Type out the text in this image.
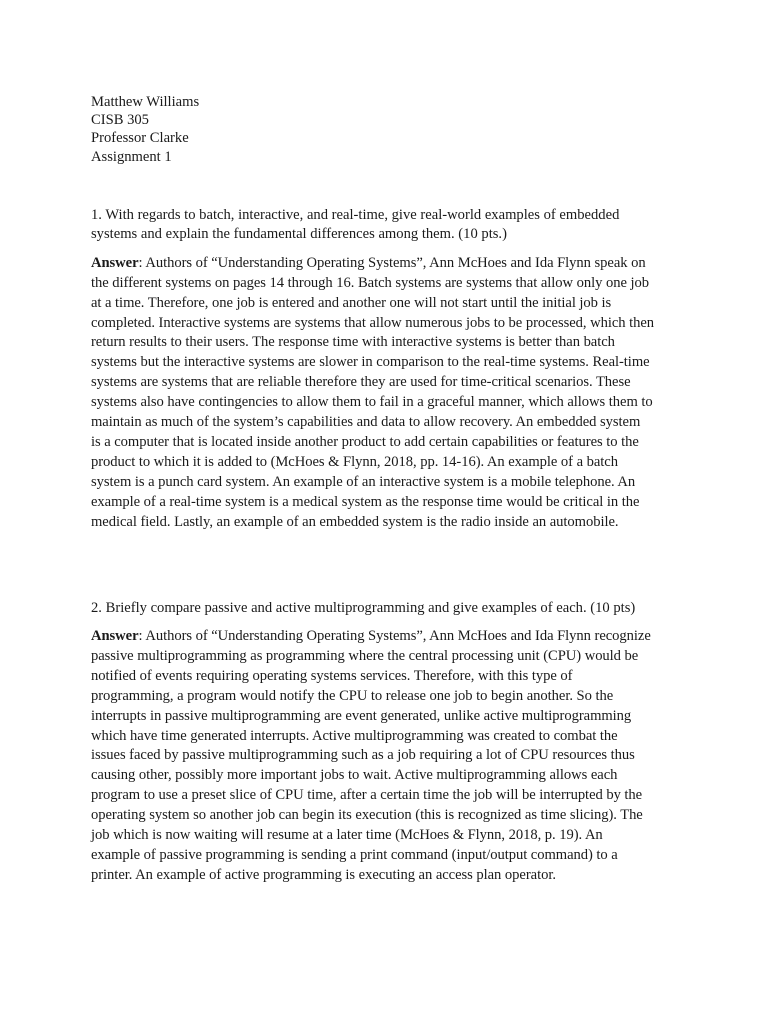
Matthew Williams
CISB 305
Professor Clarke
Assignment 1

1. With regards to batch, interactive, and real-time, give real-world examples of embedded
systems and explain the fundamental differences among them. (10 pts.)

Answer: Authors of “Understanding Operating Systems”, Ann McHoes and Ida Flynn speak on
the different systems on pages 14 through 16. Batch systems are systems that allow only one job
at a time. Therefore, one job is entered and another one will not start until the initial job is
completed. Interactive systems are systems that allow numerous jobs to be processed, which then
return results to their users. The response time with interactive systems is better than batch
systems but the interactive systems are slower in comparison to the real-time systems. Real-time
systems are systems that are reliable therefore they are used for time-critical scenarios. These
systems also have contingencies to allow them to fail in a graceful manner, which allows them to
maintain as much of the system’s capabilities and data to allow recovery. An embedded system
is a computer that is located inside another product to add certain capabilities or features to the
product to which it is added to (McHoes & Flynn, 2018, pp. 14-16). An example of a batch
system is a punch card system. An example of an interactive system is a mobile telephone. An
example of a real-time system is a medical system as the response time would be critical in the
medical field. Lastly, an example of an embedded system is the radio inside an automobile.

2. Briefly compare passive and active multiprogramming and give examples of each. (10 pts)

Answer: Authors of “Understanding Operating Systems”, Ann McHoes and Ida Flynn recognize
passive multiprogramming as programming where the central processing unit (CPU) would be
notified of events requiring operating systems services. Therefore, with this type of
programming, a program would notify the CPU to release one job to begin another. So the
interrupts in passive multiprogramming are event generated, unlike active multiprogramming
which have time generated interrupts. Active multiprogramming was created to combat the
issues faced by passive multiprogramming such as a job requiring a lot of CPU resources thus
causing other, possibly more important jobs to wait. Active multiprogramming allows each
program to use a preset slice of CPU time, after a certain time the job will be interrupted by the
operating system so another job can begin its execution (this is recognized as time slicing). The
job which is now waiting will resume at a later time (McHoes & Flynn, 2018, p. 19). An
example of passive programming is sending a print command (input/output command) to a
printer. An example of active programming is executing an access plan operator.
